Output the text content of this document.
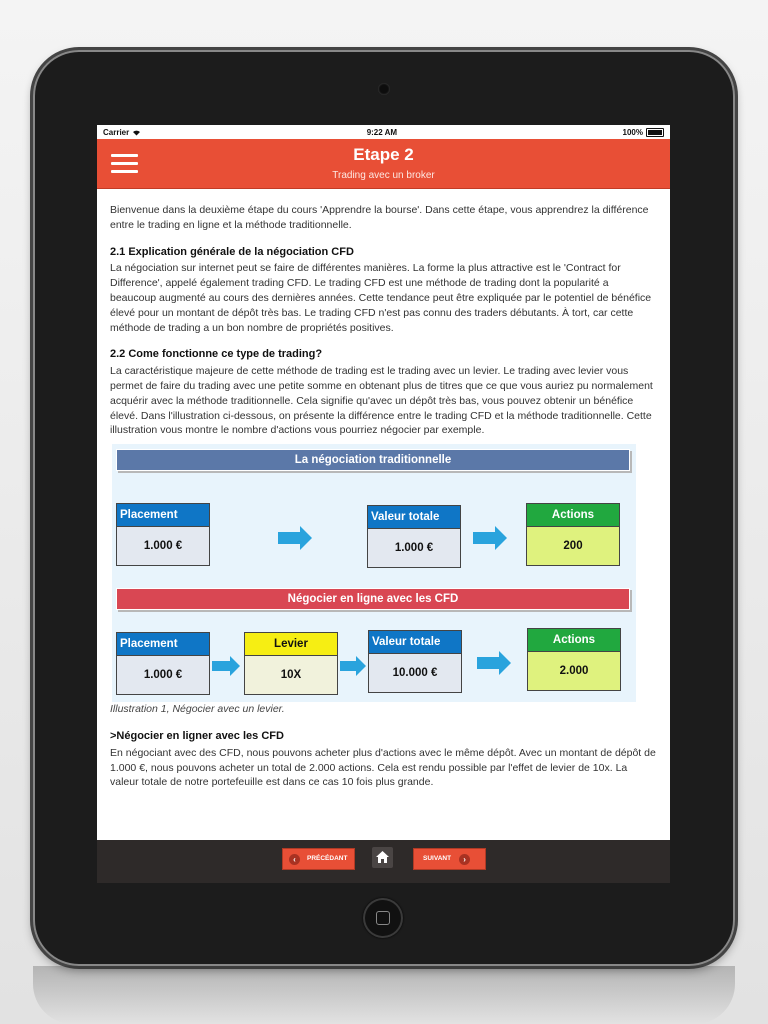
Carrier	9:22 AM	100%
Etape 2
Trading avec un broker

Bienvenue dans la deuxième étape du cours 'Apprendre la bourse'. Dans cette étape, vous apprendrez la différence entre le trading en ligne et la méthode traditionnelle.

2.1 Explication générale de la négociation CFD

La négociation sur internet peut se faire de différentes manières. La forme la plus attractive est le 'Contract for Difference', appelé également trading CFD. Le trading CFD est une méthode de trading dont la popularité a beaucoup augmenté au cours des dernières années. Cette tendance peut être expliquée par le potentiel de bénéfice élevé pour un montant de dépôt très bas. Le trading CFD n'est pas connu des traders débutants. À tort, car cette méthode de trading a un bon nombre de propriétés positives.

2.2 Come fonctionne ce type de trading?

La caractéristique majeure de cette méthode de trading est le trading avec un levier. Le trading avec levier vous permet de faire du trading avec une petite somme en obtenant plus de titres que ce que vous auriez pu normalement acquérir avec la méthode traditionnelle. Cela signifie qu'avec un dépôt très bas, vous pouvez obtenir un bénéfice élevé. Dans l'illustration ci-dessous, on présente la différence entre le trading CFD et la méthode traditionnelle. Cette illustration vous montre le nombre d'actions vous pourriez négocier par exemple.

La négociation traditionnelle
Placement
1.000 €
Valeur totale
1.000 €
Actions
200
Négocier en ligne avec les CFD
Placement
1.000 €
Levier
10X
Valeur totale
10.000 €
Actions
2.000

Illustration 1, Négocier avec un levier.

>Négocier en ligner avec les CFD

En négociant avec des CFD, nous pouvons acheter plus d'actions avec le même dépôt. Avec un montant de dépôt de 1.000 €, nous pouvons acheter un total de 2.000 actions. Cela est rendu possible par l'effet de levier de 10x. La valeur totale de notre portefeuille est dans ce cas 10 fois plus grande.

‹	PRÉCÉDANT	SUIVANT	›
